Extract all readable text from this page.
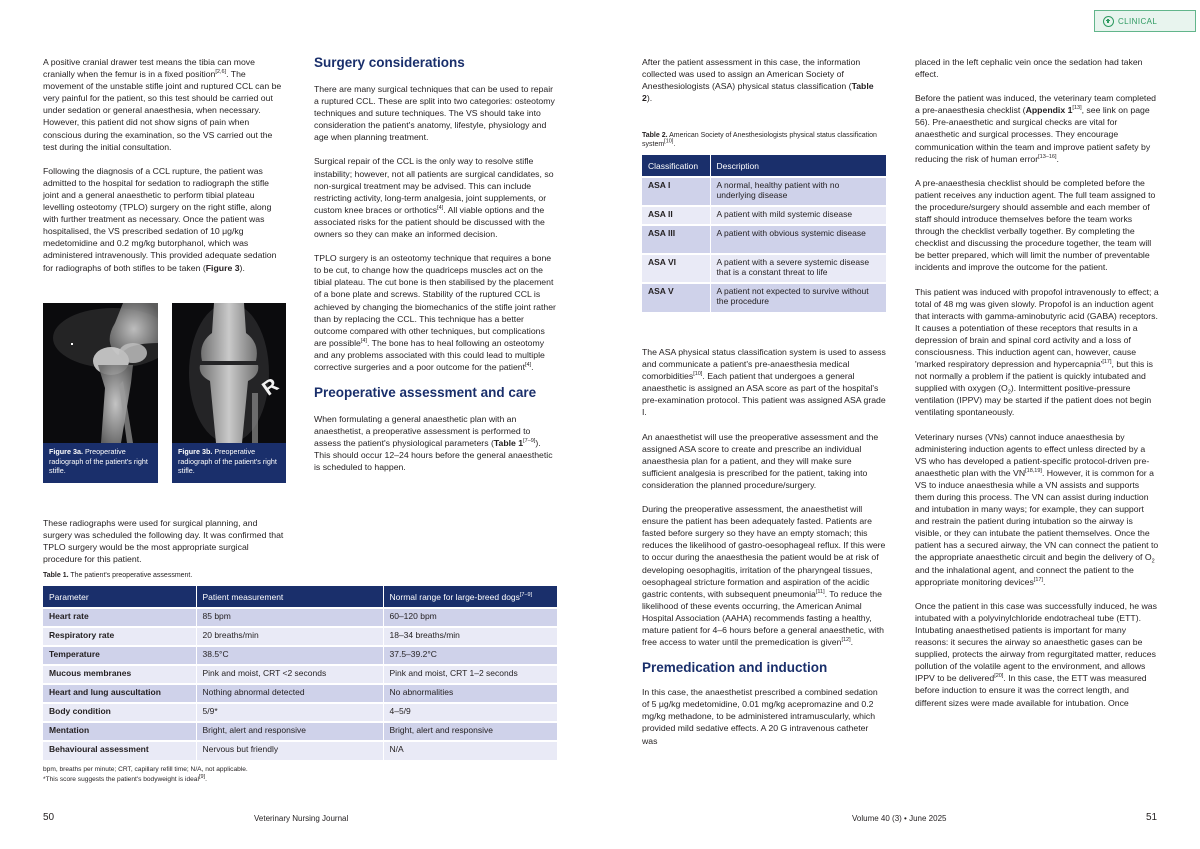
A positive cranial drawer test means the tibia can move cranially when the femur is in a fixed position[2,6]. The movement of the unstable stifle joint and ruptured CCL can be very painful for the patient, so this test should be carried out under sedation or general anaesthesia, when necessary. However, this patient did not show signs of pain when conscious during the examination, so the VS carried out the test during the initial consultation.

Following the diagnosis of a CCL rupture, the patient was admitted to the hospital for sedation to radiograph the stifle joint and a general anaesthetic to perform tibial plateau levelling osteotomy (TPLO) surgery on the right stifle, along with further treatment as necessary. Once the patient was hospitalised, the VS prescribed sedation of 10 μg/kg medetomidine and 0.2 mg/kg butorphanol, which was administered intravenously. This provided adequate sedation for radiographs of both stifles to be taken (Figure 3).

Figure 3a. Preoperative radiograph of the patient's right stifle.
R
Figure 3b. Preoperative radiograph of the patient's right stifle.

These radiographs were used for surgical planning, and surgery was scheduled the following day. It was confirmed that TPLO surgery would be the most appropriate surgical procedure for this patient.

Surgery considerations

There are many surgical techniques that can be used to repair a ruptured CCL. These are split into two categories: osteotomy techniques and suture techniques. The VS should take into consideration the patient's anatomy, lifestyle, physiology and age when planning treatment.

Surgical repair of the CCL is the only way to resolve stifle instability; however, not all patients are surgical candidates, so non-surgical treatment may be advised. This can include restricting activity, long-term analgesia, joint supplements, or custom knee braces or orthotics[4]. All viable options and the associated risks for the patient should be discussed with the owners so they can make an informed decision.

TPLO surgery is an osteotomy technique that requires a bone to be cut, to change how the quadriceps muscles act on the tibial plateau. The cut bone is then stabilised by the placement of a bone plate and screws. Stability of the ruptured CCL is achieved by changing the biomechanics of the stifle joint rather than by replacing the CCL. This technique has a better outcome compared with other techniques, but complications are possible[4]. The bone has to heal following an osteotomy and any problems associated with this could lead to multiple corrective surgeries and a poor outcome for the patient[4].

Preoperative assessment and care

When formulating a general anaesthetic plan with an anaesthetist, a preoperative assessment is performed to assess the patient's physiological parameters (Table 1[7–9]). This should occur 12–24 hours before the general anaesthetic is scheduled to happen.

Table 1. The patient's preoperative assessment.
Parameter	Patient measurement	Normal range for large-breed dogs[7–9]
Heart rate	85 bpm	60–120 bpm
Respiratory rate	20 breaths/min	18–34 breaths/min
Temperature	38.5°C	37.5–39.2°C
Mucous membranes	Pink and moist, CRT <2 seconds	Pink and moist, CRT 1–2 seconds
Heart and lung auscultation	Nothing abnormal detected	No abnormalities
Body condition	5/9*	4–5/9
Mentation	Bright, alert and responsive	Bright, alert and responsive
Behavioural assessment	Nervous but friendly	N/A
bpm, breaths per minute; CRT, capillary refill time; N/A, not applicable.
*This score suggests the patient's bodyweight is ideal[9].
50	Veterinary Nursing Journal
CLINICAL

After the patient assessment in this case, the information collected was used to assign an American Society of Anesthesiologists (ASA) physical status classification (Table 2).

Table 2. American Society of Anesthesiologists physical status classification system[10].
Classification	Description
ASA I	A normal, healthy patient with no underlying disease
ASA II	A patient with mild systemic disease
ASA III	A patient with obvious systemic disease
ASA VI	A patient with a severe systemic disease that is a constant threat to life
ASA V	A patient not expected to survive without the procedure

The ASA physical status classification system is used to assess and communicate a patient's pre-anaesthesia medical comorbidities[10]. Each patient that undergoes a general anaesthetic is assigned an ASA score as part of the hospital's pre-examination protocol. This patient was assigned ASA grade I.

An anaesthetist will use the preoperative assessment and the assigned ASA score to create and prescribe an individual anaesthesia plan for a patient, and they will make sure sufficient analgesia is prescribed for the patient, taking into consideration the planned procedure/surgery.

During the preoperative assessment, the anaesthetist will ensure the patient has been adequately fasted. Patients are fasted before surgery so they have an empty stomach; this reduces the likelihood of gastro-oesophageal reflux. If this were to occur during the anaesthesia the patient would be at risk of developing oesophagitis, irritation of the pharyngeal tissues, oesophageal stricture formation and aspiration of the acidic gastric contents, with subsequent pneumonia[11]. To reduce the likelihood of these events occurring, the American Animal Hospital Association (AAHA) recommends fasting a healthy, mature patient for 4–6 hours before a general anaesthetic, with free access to water until the premedication is given[12].

Premedication and induction

In this case, the anaesthetist prescribed a combined sedation of 5 μg/kg medetomidine, 0.01 mg/kg acepromazine and 0.2 mg/kg methadone, to be administered intramuscularly, which provided mild sedative effects. A 20 G intravenous catheter was

placed in the left cephalic vein once the sedation had taken effect.

Before the patient was induced, the veterinary team completed a pre-anaesthesia checklist (Appendix 1[13], see link on page 56). Pre-anaesthetic and surgical checks are vital for anaesthetic and surgical processes. They encourage communication within the team and improve patient safety by reducing the risk of human error[13–16].

A pre-anaesthesia checklist should be completed before the patient receives any induction agent. The full team assigned to the procedure/surgery should assemble and each member of staff should introduce themselves before the team works through the checklist verbally together. By completing the checklist and discussing the procedure together, the team will be better prepared, which will limit the number of preventable incidents and improve the outcome for the patient.

This patient was induced with propofol intravenously to effect; a total of 48 mg was given slowly. Propofol is an induction agent that interacts with gamma-aminobutyric acid (GABA) receptors. It causes a potentiation of these receptors that results in a depression of brain and spinal cord activity and a loss of consciousness. This induction agent can, however, cause 'marked respiratory depression and hypercapnia'[17], but this is not normally a problem if the patient is quickly intubated and supplied with oxygen $(O_2)$. Intermittent positive-pressure ventilation (IPPV) may be started if the patient does not begin ventilating spontaneously.

Veterinary nurses (VNs) cannot induce anaesthesia by administering induction agents to effect unless directed by a VS who has developed a patient-specific protocol-driven pre-anaesthetic plan with the VN[18,19]. However, it is common for a VS to induce anaesthesia while a VN assists and supports them during this process. The VN can assist during induction and intubation in many ways; for example, they can support and restrain the patient during intubation so the airway is visible, or they can intubate the patient themselves. Once the patient has a secured airway, the VN can connect the patient to the appropriate anaesthetic circuit and begin the delivery of $O_2$ and the inhalational agent, and connect the patient to the appropriate monitoring devices[17].

Once the patient in this case was successfully induced, he was intubated with a polyvinylchloride endotracheal tube (ETT). Intubating anaesthetised patients is important for many reasons: it secures the airway so anaesthetic gases can be supplied, protects the airway from regurgitated matter, reduces pollution of the volatile agent to the environment, and allows IPPV to be delivered[20]. In this case, the ETT was measured before induction to ensure it was the correct length, and different sizes were made available for intubation. Once

Volume 40 (3) • June 2025	51
